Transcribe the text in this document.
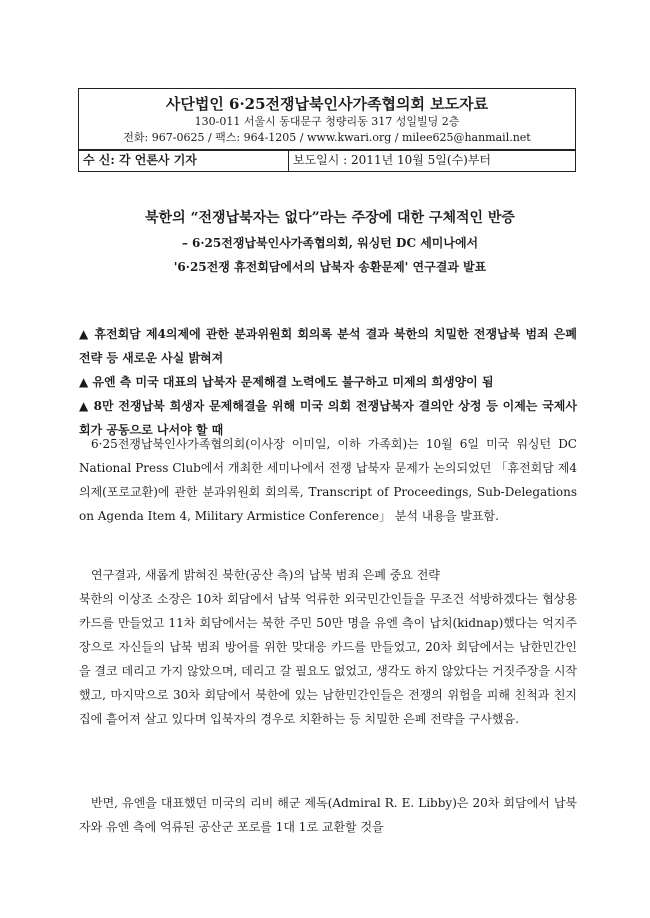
사단법인 6·25전쟁납북인사가족협의회 보도자료
130-011 서울시 동대문구 청량리동 317 성일빌딩 2층
전화: 967-0625 / 팩스: 964-1205 / www.kwari.org / milee625@hanmail.net
수 신: 각 언론사 기자	보도일시 : 2011년 10월 5일(수)부터
북한의 “전쟁납북자는 없다”라는 주장에 대한 구체적인 반증
– 6·25전쟁납북인사가족협의회, 워싱턴 DC 세미나에서
'6·25전쟁 휴전회담에서의 납북자 송환문제' 연구결과 발표

▲ 휴전회담 제4의제에 관한 분과위원회 회의록 분석 결과 북한의 치밀한 전쟁납북 범죄 은폐 전략 등 새로운 사실 밝혀져

▲ 유엔 측 미국 대표의 납북자 문제해결 노력에도 불구하고 미제의 희생양이 됨

▲ 8만 전쟁납북 희생자 문제해결을 위해 미국 의회 전쟁납북자 결의안 상정 등 이제는 국제사회가 공동으로 나서야 할 때

6·25전쟁납북인사가족협의회(이사장 이미일, 이하 가족회)는 10월 6일 미국 워싱턴 DC National Press Club에서 개최한 세미나에서 전쟁 납북자 문제가 논의되었던 「휴전회담 제4의제(포로교환)에 관한 분과위원회 회의록, Transcript of Proceedings, Sub-Delegations on Agenda Item 4, Military Armistice Conference」 분석 내용을 발표함.

연구결과, 새롭게 밝혀진 북한(공산 측)의 납북 범죄 은폐 중요 전략

북한의 이상조 소장은 10차 회담에서 납북 억류한 외국민간인들을 무조건 석방하겠다는 협상용 카드를 만들었고 11차 회담에서는 북한 주민 50만 명을 유엔 측이 납치(kidnap)했다는 억지주장으로 자신들의 납북 범죄 방어를 위한 맞대응 카드를 만들었고, 20차 회담에서는 남한민간인을 결코 데리고 가지 않았으며, 데리고 갈 필요도 없었고, 생각도 하지 않았다는 거짓주장을 시작했고, 마지막으로 30차 회담에서 북한에 있는 남한민간인들은 전쟁의 위험을 피해 친척과 친지 집에 흩어져 살고 있다며 입북자의 경우로 치환하는 등 치밀한 은폐 전략을 구사했음.

반면, 유엔을 대표했던 미국의 리비 해군 제독(Admiral R. E. Libby)은 20차 회담에서 납북자와 유엔 측에 억류된 공산군 포로를 1대 1로 교환할 것을
